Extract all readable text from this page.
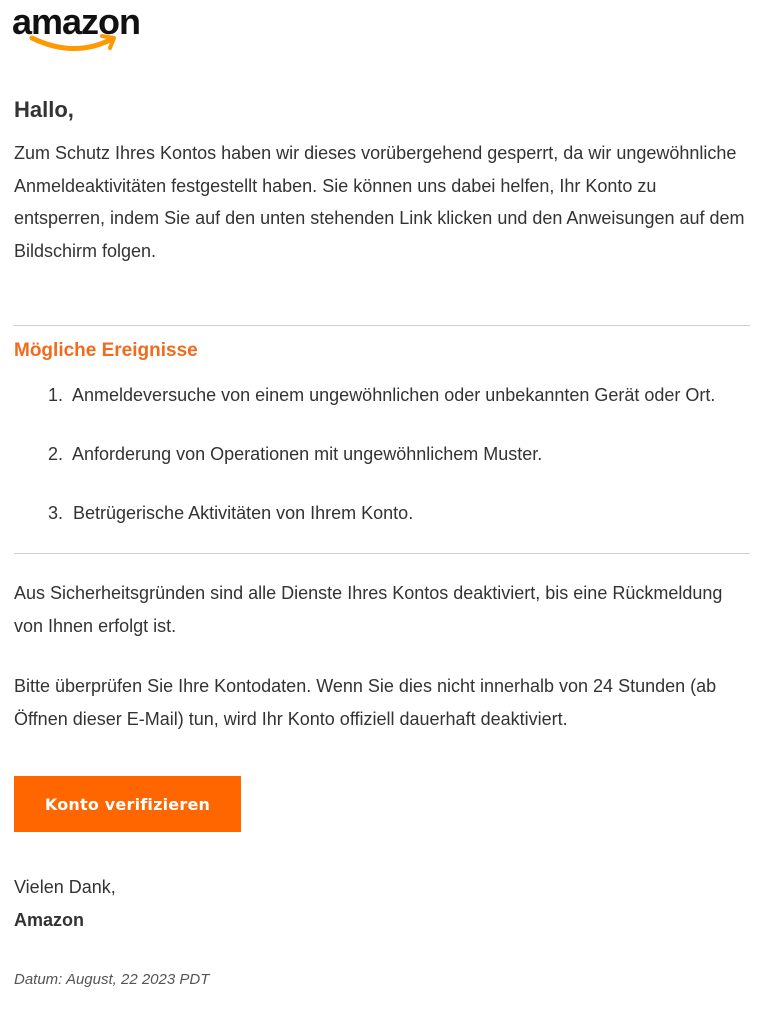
amazon
Hallo,

Zum Schutz Ihres Kontos haben wir dieses vorübergehend gesperrt, da wir ungewöhnliche Anmeldeaktivitäten festgestellt haben. Sie können uns dabei helfen, Ihr Konto zu entsperren, indem Sie auf den unten stehenden Link klicken und den Anweisungen auf dem Bildschirm folgen.

Mögliche Ereignisse
1. Anmeldeversuche von einem ungewöhnlichen oder unbekannten Gerät oder Ort.
2. Anforderung von Operationen mit ungewöhnlichem Muster.
3. Betrügerische Aktivitäten von Ihrem Konto.

Aus Sicherheitsgründen sind alle Dienste Ihres Kontos deaktiviert, bis eine Rückmeldung von Ihnen erfolgt ist.

Bitte überprüfen Sie Ihre Kontodaten. Wenn Sie dies nicht innerhalb von 24 Stunden (ab Öffnen dieser E-Mail) tun, wird Ihr Konto offiziell dauerhaft deaktiviert.

Konto verifizieren

Vielen Dank,

Amazon

Datum: August, 22 2023 PDT
